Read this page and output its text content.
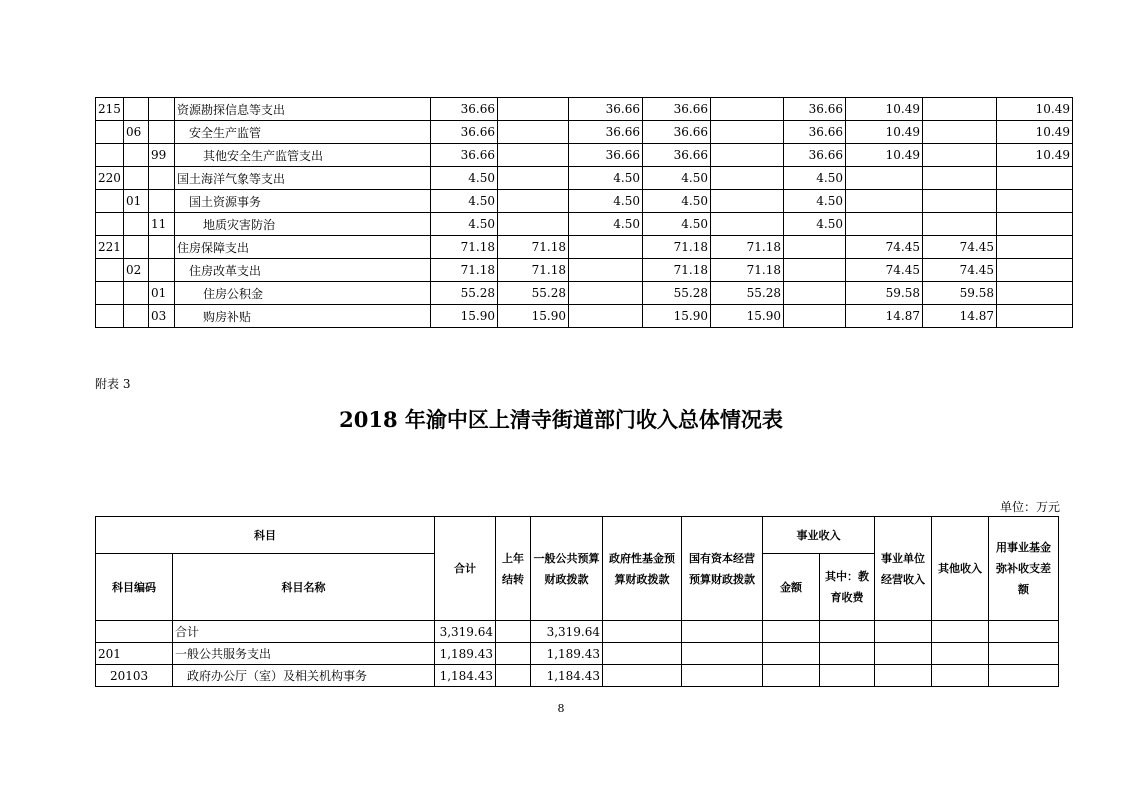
215			资源勘探信息等支出	36.66		36.66	36.66		36.66	10.49		10.49
	06		安全生产监管	36.66		36.66	36.66		36.66	10.49		10.49
		99	其他安全生产监管支出	36.66		36.66	36.66		36.66	10.49		10.49
220			国土海洋气象等支出	4.50		4.50	4.50		4.50			
	01		国土资源事务	4.50		4.50	4.50		4.50			
		11	地质灾害防治	4.50		4.50	4.50		4.50			
221			住房保障支出	71.18	71.18		71.18	71.18		74.45	74.45	
	02		住房改革支出	71.18	71.18		71.18	71.18		74.45	74.45	
		01	住房公积金	55.28	55.28		55.28	55.28		59.58	59.58	
		03	购房补贴	15.90	15.90		15.90	15.90		14.87	14.87	
附表 3
2018 年渝中区上清寺街道部门收入总体情况表
单位：万元
科目		合计	上年结转	一般公共预算财政拨款	政府性基金预算财政拨款	国有资本经营预算财政拨款	事业收入		事业单位经营收入	其他收入	用事业基金弥补收支差额
科目编码	科目名称						金额	其中：教育收费			

	合计	3,319.64		3,319.64							
201	一般公共服务支出	1,189.43		1,189.43							
20103	政府办公厅（室）及相关机构事务	1,184.43		1,184.43							
8
